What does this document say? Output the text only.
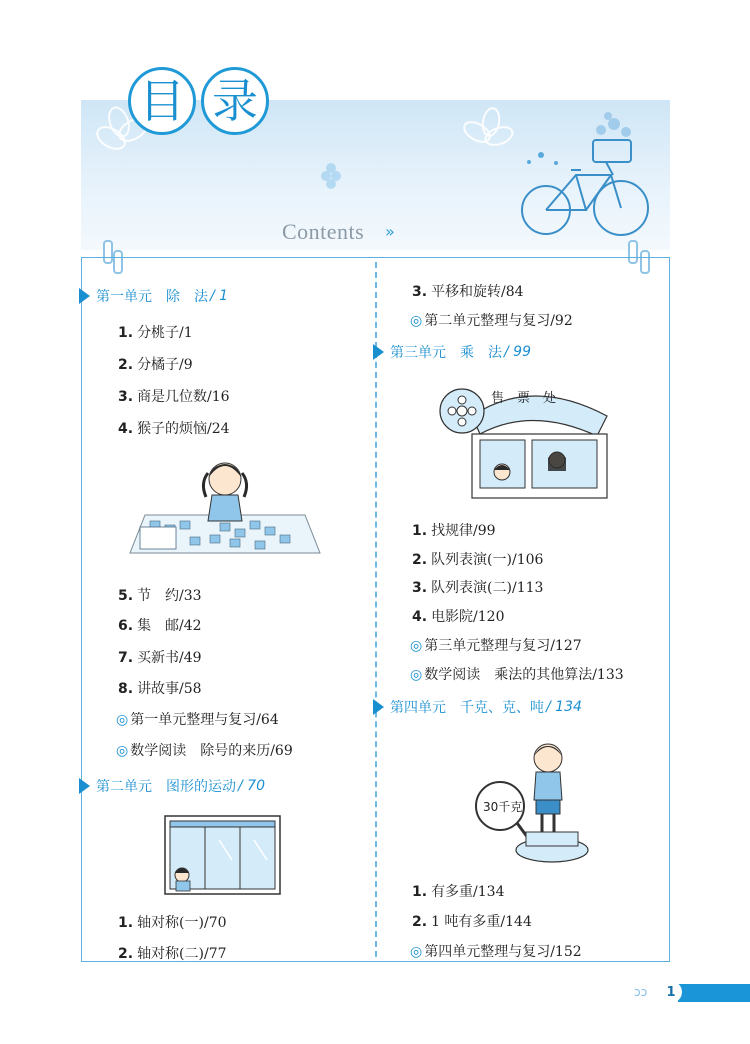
目 录
Contents »
第一单元　除　法 / 1
1. 分桃子/1
2. 分橘子/9
3. 商是几位数/16
4. 猴子的烦恼/24
5. 节　约/33
6. 集　邮/42
7. 买新书/49
8. 讲故事/58
◎ 第一单元整理与复习/64
◎ 数学阅读　除号的来历/69
第二单元　图形的运动 / 70
1. 轴对称(一)/70
2. 轴对称(二)/77
3. 平移和旋转/84
◎ 第二单元整理与复习/92
第三单元　乘　法 / 99
售　票　处
1. 找规律/99
2. 队列表演(一)/106
3. 队列表演(二)/113
4. 电影院/120
◎ 第三单元整理与复习/127
◎ 数学阅读　乘法的其他算法/133
第四单元　千克、克、吨 / 134
30千克
1. 有多重/134
2. 1 吨有多重/144
◎ 第四单元整理与复习/152
ↄↄ	1
